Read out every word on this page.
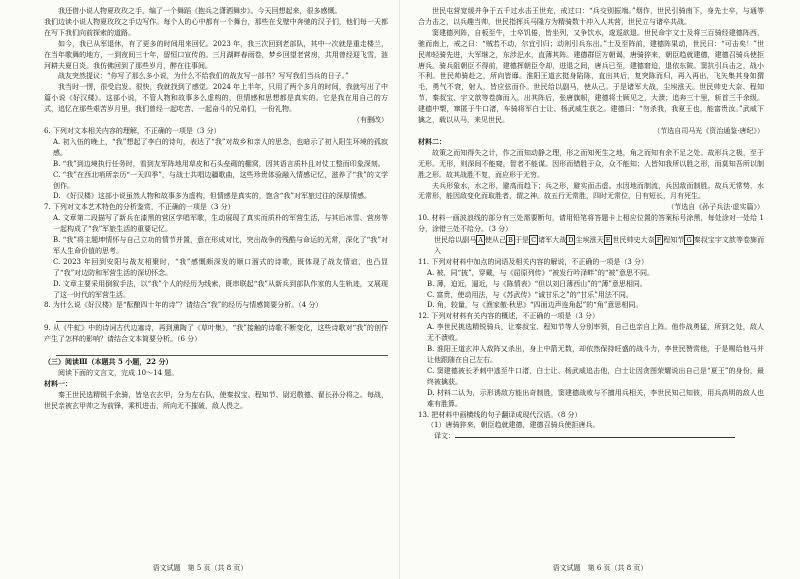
我还借小说人物夏玫玫之手，编了一个舞蹈《抱兵之潇洒舞步》。今天回想起来，很多感慨。

我们边读小说人物夏玫玫之手边写作。每个人的心中都有一个舞台，那些在戈壁中奔驰的汉子们，他们每一天都在写下我们向前探索的道路。

如今，我已从军退休，有了更多的时间用来回忆。2023 年，我三次回到老部队，其中一次就是重走楼兰，在当年歌舞的地方，一到夜间三十年，留恒口宣传的。三月湖畔春雨卷，梦乡回望老营房，共用曾经迎飞雪，涟河耕夫夏日炎。我仿佛回到了那些岁月，醉在往事间。

战友突然提议：“你写了那么多小说，为什么不给我们的战友写一部书？写写我们当兵的日子。”

我当时一愣，很受启发。很快，我就找到了感觉。2024 年上半年，只用了两个多月的时间，我就写出了中篇小说《好汉楼》。这部小说，不管人物和故事多么虚构的，但情感和思想都是真实的。它是我在用自己的方式，追忆在那些艰苦岁月里，我们曾经一起吃苦、一起奋斗的兄弟们，一份礼物。

（有删改）

6. 下列对文本相关内容的理解，不正确的一项是（3 分）

A. 初入伍的晚上，“我”想起了李白的诗句，表达了“我”对故乡和亲人的思念，也暗示了初入阳生环境的孤寂感。

B. “我”到边境执行任务时，看到友军阵地用草皮和石头垒砌的棚窝，因其语言质朴且对仗工整而印象深刻。

C. “我”在西北哨所亲历“一天四季”，与战士共唱边疆歌曲，这些珍贵体验融入情感记忆，滋养了“我”的文学创作。

D. 《好汉楼》这部小说虽然人物和故事多为虚构，但情感是真实的，饱含“我”对军旅过往的深厚情感。

7. 下列对文本艺术特色的分析鉴赏，不正确的一项是（3 分）

A. 文章第二段描写了新兵在漆黑的营区学唱军歌，生动展现了真实而质朴的军营生活，与其后冰雪、营房等一起构成了“我”军旅生活的重要记忆。

B. “我”将主题坤情怀与自己立功的情节并置，意在形成对比，突出战争的残酷与命运的无常，深化了“我”对军人生命价值的思考。

C. 2023 年回到安阳与战友相聚时，“我”感慨颇深发的顺口溜式的诗歌，既体现了战友情谊，也凸显了“我”对边防和军营生活的深切怀念。

D. 文章主要采用倒叙手法，以“我”个人的经历为线索，既串联起“我”从新兵到部队作家的人生轨迹，又展现了这一时代的军营生活。

8. 为什么说《好汉楼》是“酝酿四十年的诗”？请结合“我”的经历与情感简要分析。（4 分）

9. 从《牛虻》中的诗词古代边塞诗，再到熏陶了《草叶集》，“我”接触的诗歌不断变化，这些诗歌对“我”的创作产生了怎样的影响？请结合文本简要分析。（6 分）

（三）阅读Ⅲ（本题共 5 小题，22 分）

阅读下面的文言文，完成 10～14 题。

材料一：

秦王世民选精锐千余骑，皆皂衣玄甲，分为左右队，使秦叔宝、程知节、尉迟敬德、翟长孙分将之。每战，世民亲被玄甲帅之为前锋，乘机进击，所向无不摧破，敌人畏之。

语文试题　第 5 页（共 8 页）

世民屯营宽缓并争于五千过水击王世充，戒过口：“兵交别振端。”烟作，世民引骑南下，身先士卒，与通等合力击之，以兵趣当帅，世民指挥兵马隆方为精骑数十冲入人其营，世民立与诸卒共战。

窦建德列阵，自板至牛，士卒饥倦，皆坐列，又争饮水，逡巡欲退。世民命宇文士及将三百骑经建德阵西，驰而南上，戒之曰：“贼若不动，尔宜引归；动则引兵东出。”士及至阵前，建德阵果动，世民曰：“可击矣！”世民帅轻骑先进，大军继之，东涉汜水，直薄其阵。建德群臣方朝谒，唐骑猝来，朝臣趋就建德，建德召骑兵使拒唐兵。骑兵阻朝臣不得前，建德挥朝臣令却，进退之间，唐兵已至，建德窘迫，退依东陂。窦抗引兵击之，战小不利。世民帅骑赴之，所向皆靡。淮阳王道玄挺身陷陈，直出其后，复突陈而归，再入再出，飞矢集其身如猬毛，勇气不衰，射人，皆应弦而仆。世民给以副马，使从己。于是诸军大战，尘埃涨天。世民帅史大奈、程知节、秦叔宝、宇文歆等卷旆而入，出其阵后，张唐旗帜，建德将士顾见之，大溃；追奔三十里，斩首三千余级。建德中槊，窜匿于牛口渚，车骑将军白士让、杨武威生获之。建德曰：“勿杀我，我夏王也，能富贵汝。”武威下擒之，载以从马，来见世民。

（节选自司马光《资治通鉴·唐纪》）

材料二：

故策之而知得失之计，作之而知动静之理，形之而知死生之地，角之而知有余不足之处。故形兵之极，至于无形。无形，则深间不能窥，智者不能谋。因形而错胜于众，众不能知；人皆知我所以胜之形，而莫知吾所以制胜之形。故其战胜不复，而应形于无穷。

夫兵形象水，水之形，避高而趋下；兵之形，避实而击虚。水因地而制流，兵因敌而制胜。故兵无常势，水无常形，能因敌变化而取胜者，谓之神。故五行无常胜，四时无常位，日有短长，月有死生。

（节选自《孙子兵法·虚实篇》）

10. 材料一画波浪线的部分有三处需要断句，请用铅笔将答题卡上相应位置的答案标号涂黑，每处涂对一处给 1 分，涂错三处不给分。（3 分）

世民给以副马 A 使从己 B 于是 C 诸军大战 D 尘埃涨天 E 世民帅史大奈 F 程知节 G 秦叔宝宇文歆等卷旆而入

11. 下列对材料中加点的词语及相关内容的解说，不正确的一项是（3 分）

A. 被，同“披”，穿戴，与《屈原列传》“被发行吟泽畔”的“被”意思不同。

B. 薄，迫近，逼近，与《陈情表》“但以刘日薄西山”的“薄”意思相同。

C. 富贵，使动用法，与《苏武传》“诚甘乐之”的“甘乐”用法不同。

D. 角，较量，与《渔家傲·秋思》“四面边声连角起”的“角”意思相同。

12. 下列对材料有关内容的概述，不正确的一项是（3 分）

A. 李世民挑选精锐骑兵，让秦叔宝、程知节等人分别率领，自己也亲自上阵。他作战勇猛，所到之处，敌人无不溃败。

B. 淮阳王道玄冲入敌阵又杀出，身上中箭无数，却依然保持旺盛的战斗力，李世民赞赏他，于是赐给他马并让他跟随在自己左右。

C. 窦建德被长矛刺中逃至牛口渚，白士让、杨武威追击他，白士让因贪图荣耀说出自己是“夏王”的身份，最终被擒获。

D. 材料二认为，示形诱敌方能出奇制胜，窦建德战败与不擅用兵相关，李世民知己知彼，用兵高明的敌人也难有胜算。

13. 把材料中画横线的句子翻译成现代汉语。（8 分）

（1）唐骑猝来，朝臣趋就建德，建德召骑兵使拒唐兵。

译文：

语文试题　第 6 页（共 8 页）
